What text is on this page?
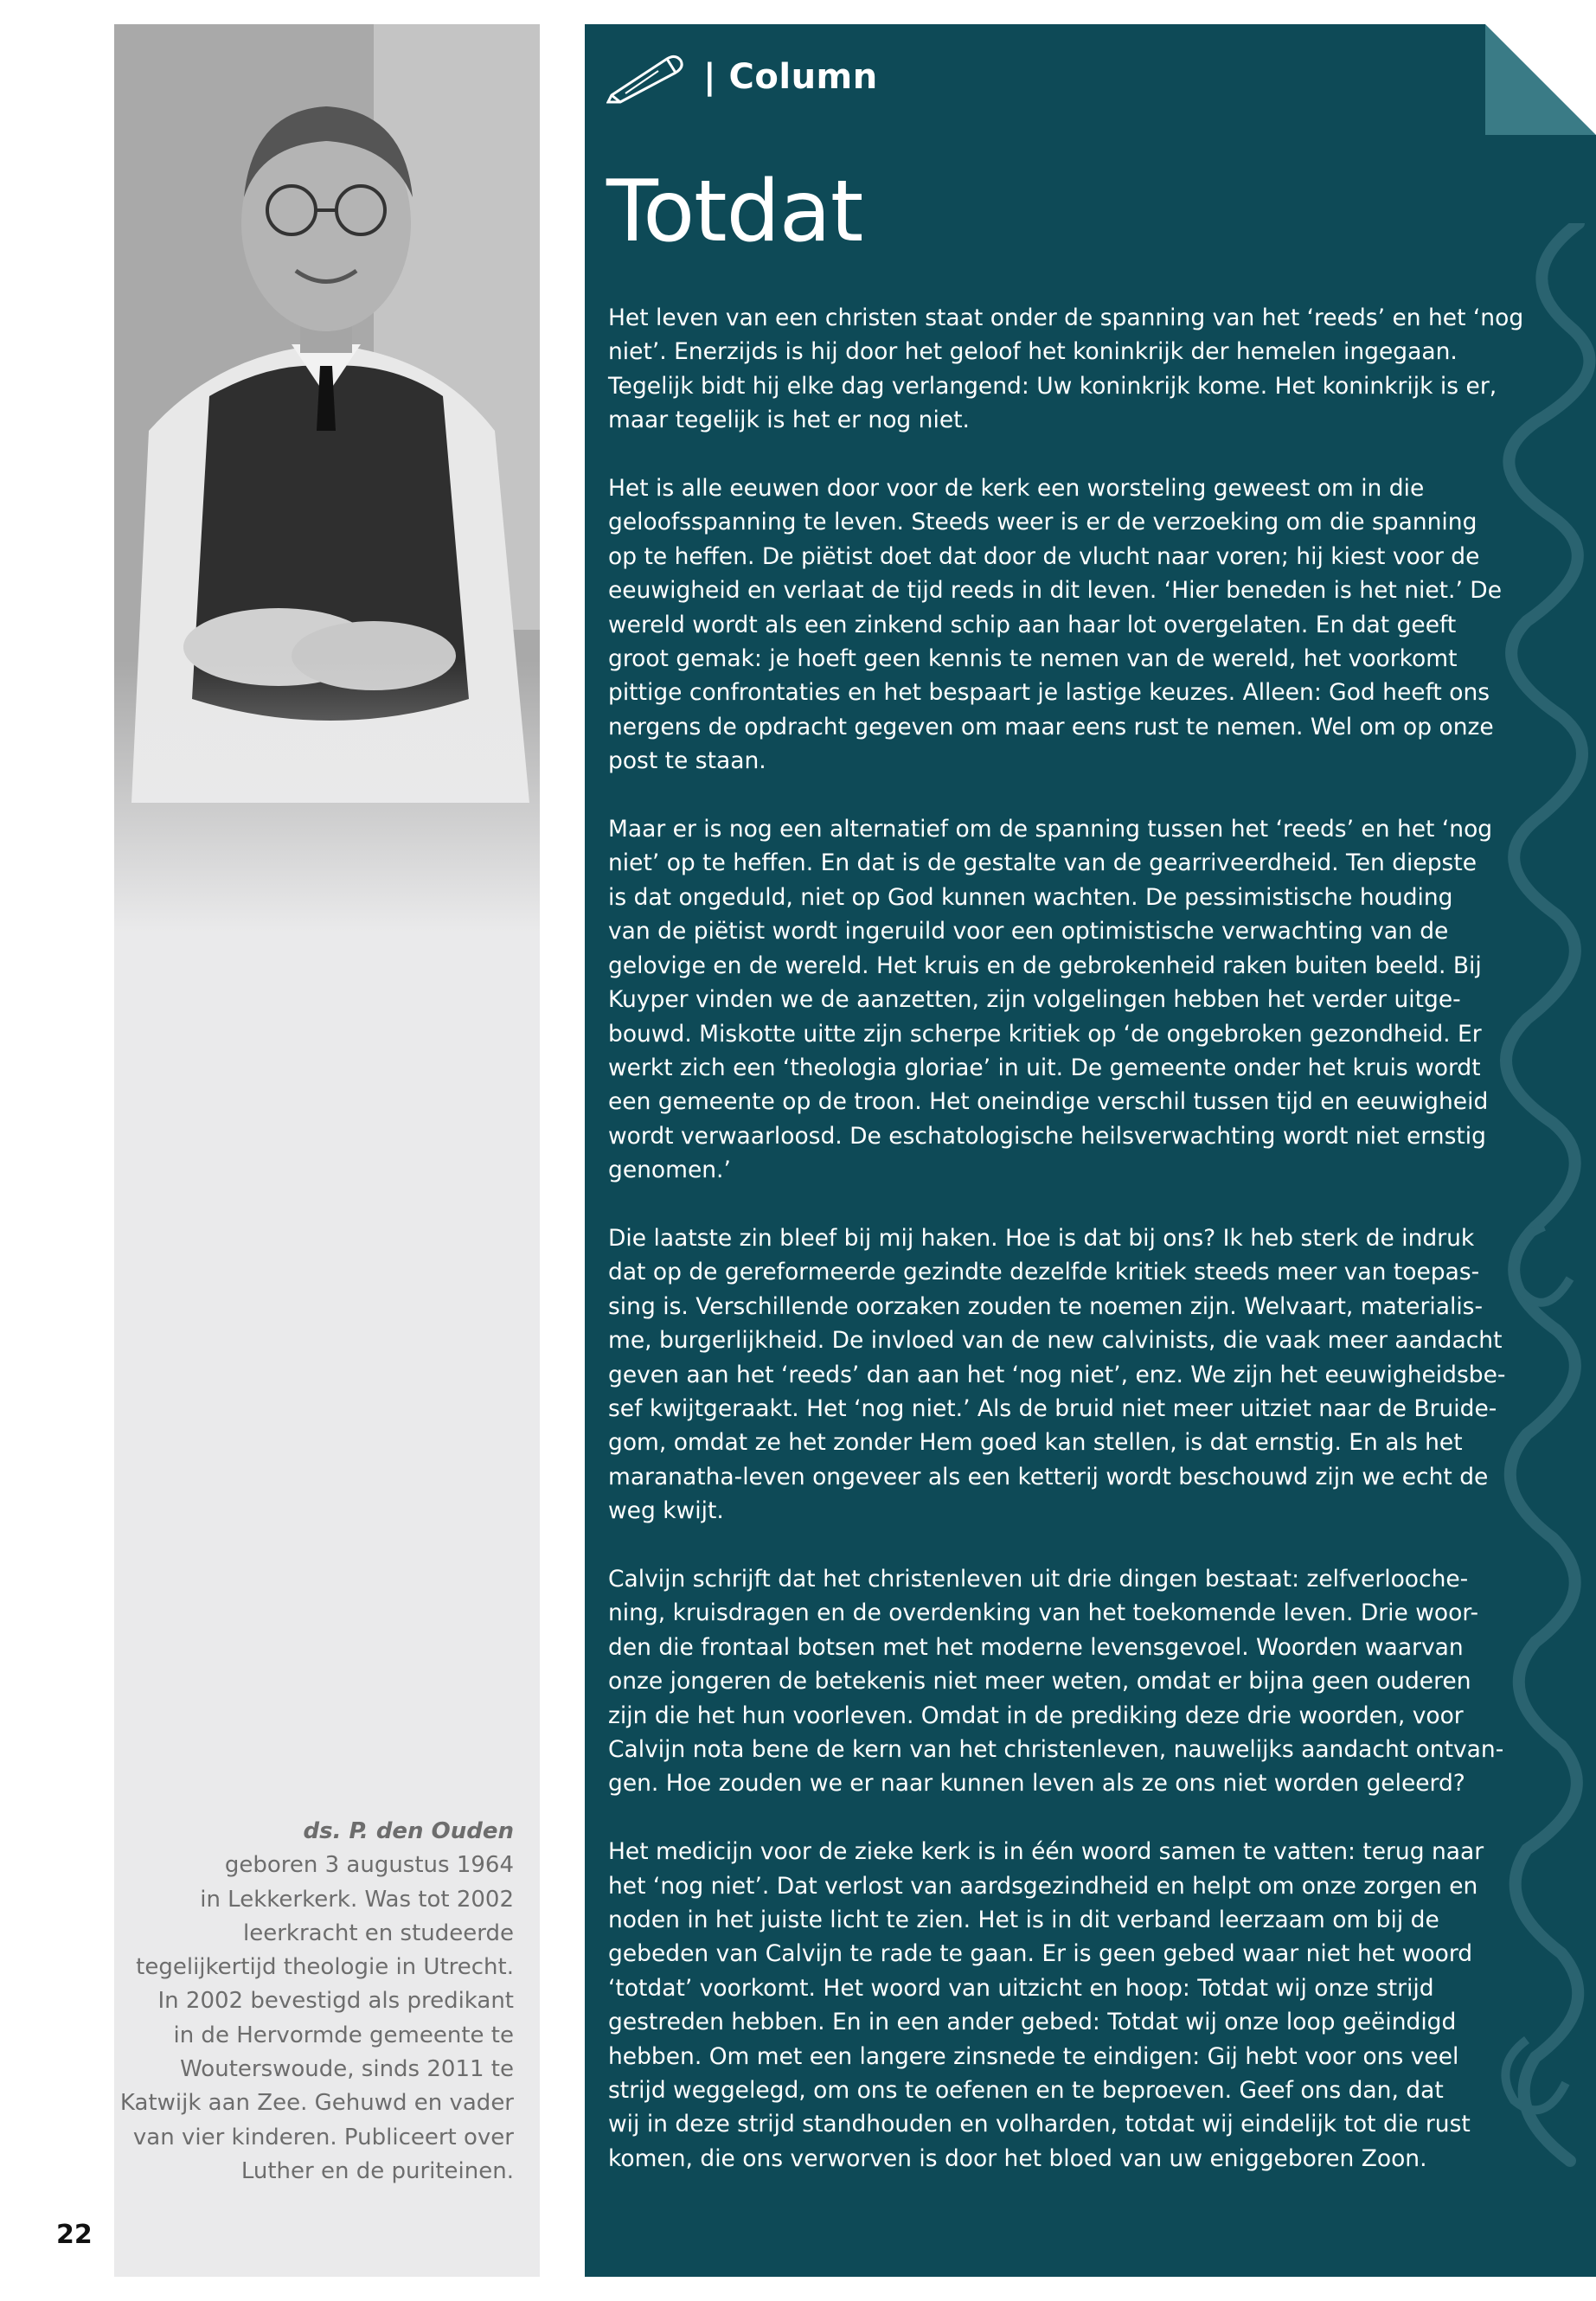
ds. P. den Ouden
geboren 3 augustus 1964
in Lekkerkerk. Was tot 2002
leerkracht en studeerde
tegelijkertijd theologie in Utrecht.
In 2002 bevestigd als predikant
in de Hervormde gemeente te
Wouterswoude, sinds 2011 te
Katwijk aan Zee. Gehuwd en vader
van vier kinderen. Publiceert over
Luther en de puriteinen.
22
| Column
Totdat
Het leven van een christen staat onder de spanning van het ‘reeds’ en het ‘nog
niet’. Enerzijds is hij door het geloof het koninkrijk der hemelen ingegaan.
Tegelijk bidt hij elke dag verlangend: Uw koninkrijk kome. Het koninkrijk is er,
maar tegelijk is het er nog niet.
Het is alle eeuwen door voor de kerk een worsteling geweest om in die
geloofsspanning te leven. Steeds weer is er de verzoeking om die spanning
op te heffen. De piëtist doet dat door de vlucht naar voren; hij kiest voor de
eeuwigheid en verlaat de tijd reeds in dit leven. ‘Hier beneden is het niet.’ De
wereld wordt als een zinkend schip aan haar lot overgelaten. En dat geeft
groot gemak: je hoeft geen kennis te nemen van de wereld, het voorkomt
pittige confrontaties en het bespaart je lastige keuzes. Alleen: God heeft ons
nergens de opdracht gegeven om maar eens rust te nemen. Wel om op onze
post te staan.
Maar er is nog een alternatief om de spanning tussen het ‘reeds’ en het ‘nog
niet’ op te heffen. En dat is de gestalte van de gearriveerdheid. Ten diepste
is dat ongeduld, niet op God kunnen wachten. De pessimistische houding
van de piëtist wordt ingeruild voor een optimistische verwachting van de
gelovige en de wereld. Het kruis en de gebrokenheid raken buiten beeld. Bij
Kuyper vinden we de aanzetten, zijn volgelingen hebben het verder uitge-
bouwd. Miskotte uitte zijn scherpe kritiek op ‘de ongebroken gezondheid. Er
werkt zich een ‘theologia gloriae’ in uit. De gemeente onder het kruis wordt
een gemeente op de troon. Het oneindige verschil tussen tijd en eeuwigheid
wordt verwaarloosd. De eschatologische heilsverwachting wordt niet ernstig
genomen.’
Die laatste zin bleef bij mij haken. Hoe is dat bij ons? Ik heb sterk de indruk
dat op de gereformeerde gezindte dezelfde kritiek steeds meer van toepas-
sing is. Verschillende oorzaken zouden te noemen zijn. Welvaart, materialis-
me, burgerlijkheid. De invloed van de new calvinists, die vaak meer aandacht
geven aan het ‘reeds’ dan aan het ‘nog niet’, enz. We zijn het eeuwigheidsbe-
sef kwijtgeraakt. Het ‘nog niet.’ Als de bruid niet meer uitziet naar de Bruide-
gom, omdat ze het zonder Hem goed kan stellen, is dat ernstig. En als het
maranatha-leven ongeveer als een ketterij wordt beschouwd zijn we echt de
weg kwijt.
Calvijn schrijft dat het christenleven uit drie dingen bestaat: zelfverlooche-
ning, kruisdragen en de overdenking van het toekomende leven. Drie woor-
den die frontaal botsen met het moderne levensgevoel. Woorden waarvan
onze jongeren de betekenis niet meer weten, omdat er bijna geen ouderen
zijn die het hun voorleven. Omdat in de prediking deze drie woorden, voor
Calvijn nota bene de kern van het christenleven, nauwelijks aandacht ontvan-
gen. Hoe zouden we er naar kunnen leven als ze ons niet worden geleerd?
Het medicijn voor de zieke kerk is in één woord samen te vatten: terug naar
het ‘nog niet’. Dat verlost van aardsgezindheid en helpt om onze zorgen en
noden in het juiste licht te zien. Het is in dit verband leerzaam om bij de
gebeden van Calvijn te rade te gaan. Er is geen gebed waar niet het woord
‘totdat’ voorkomt. Het woord van uitzicht en hoop: Totdat wij onze strijd
gestreden hebben. En in een ander gebed: Totdat wij onze loop geëindigd
hebben. Om met een langere zinsnede te eindigen: Gij hebt voor ons veel
strijd weggelegd, om ons te oefenen en te beproeven. Geef ons dan, dat
wij in deze strijd standhouden en volharden, totdat wij eindelijk tot die rust
komen, die ons verworven is door het bloed van uw eniggeboren Zoon.
